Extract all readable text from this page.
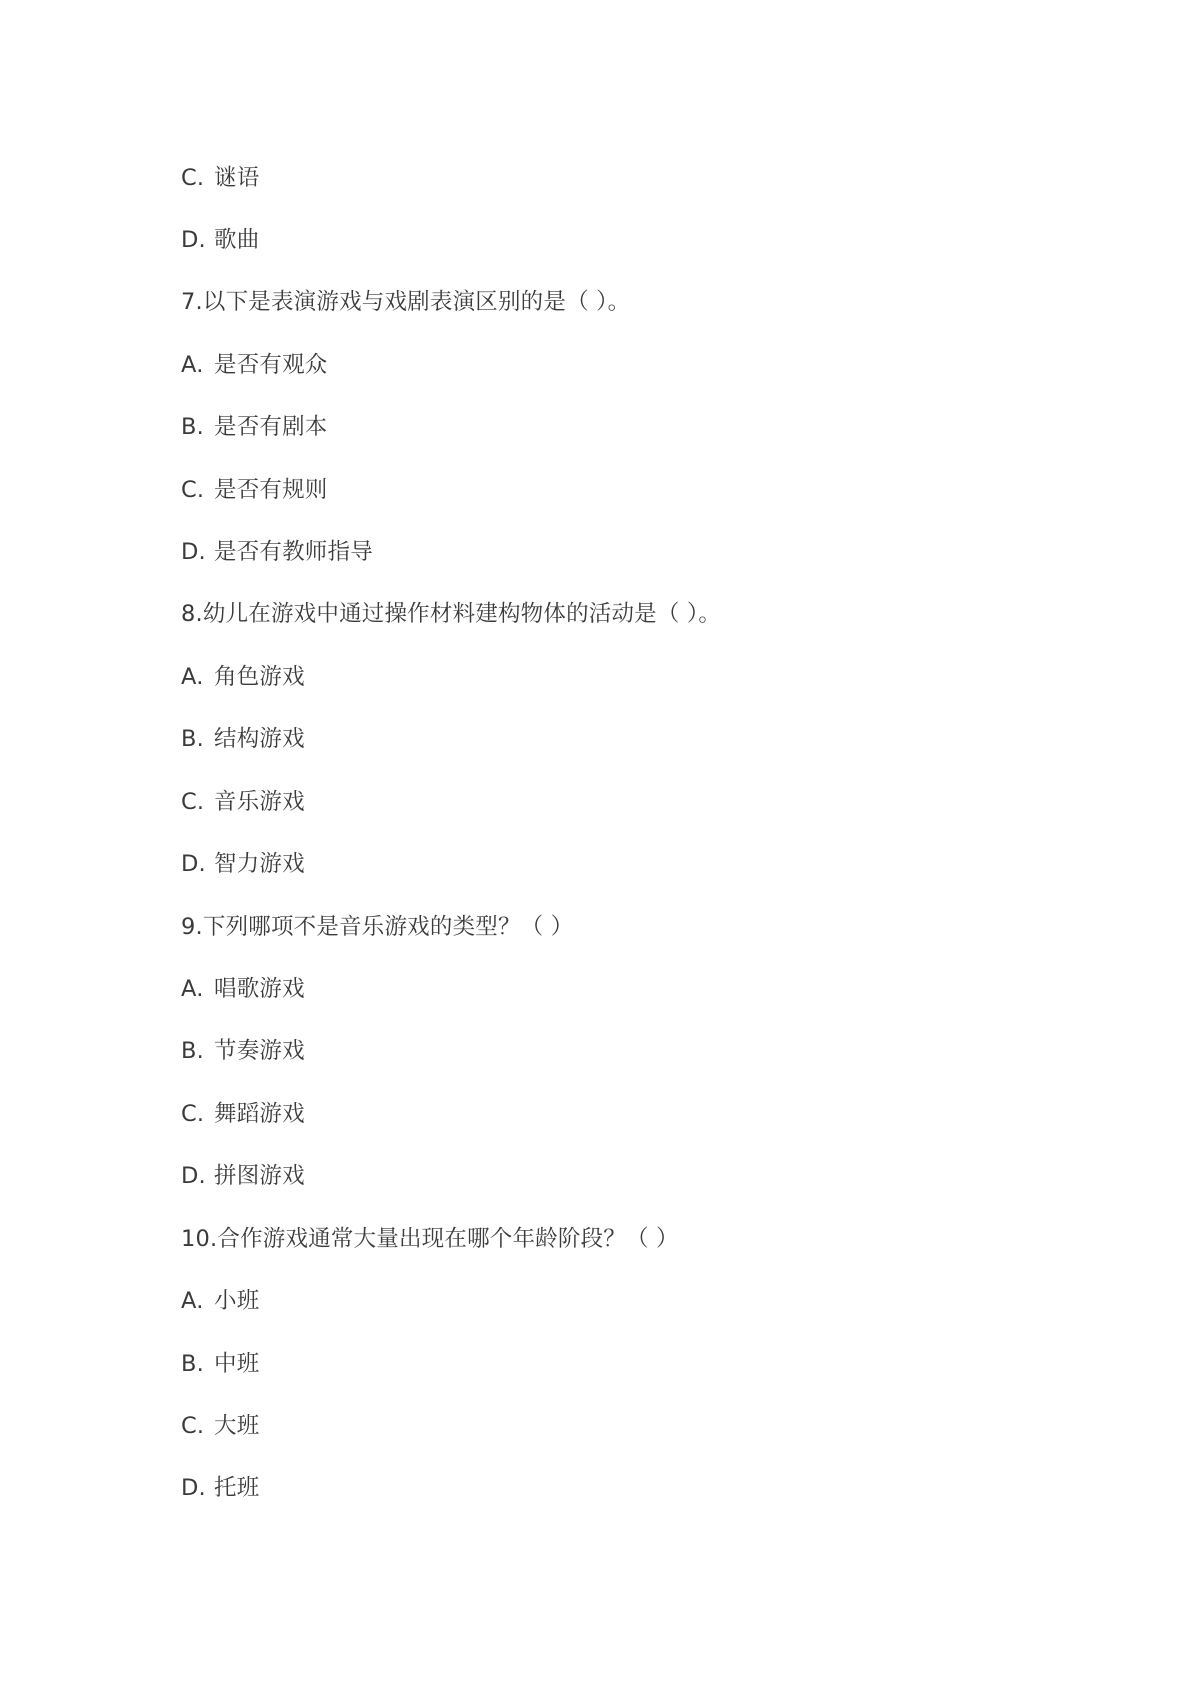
C. 谜语

D. 歌曲

7.以下是表演游戏与戏剧表演区别的是（ ）。

A. 是否有观众

B. 是否有剧本

C. 是否有规则

D. 是否有教师指导

8.幼儿在游戏中通过操作材料建构物体的活动是（ ）。

A. 角色游戏

B. 结构游戏

C. 音乐游戏

D. 智力游戏

9.下列哪项不是音乐游戏的类型？（ ）

A. 唱歌游戏

B. 节奏游戏

C. 舞蹈游戏

D. 拼图游戏

10.合作游戏通常大量出现在哪个年龄阶段？（ ）

A. 小班

B. 中班

C. 大班

D. 托班
